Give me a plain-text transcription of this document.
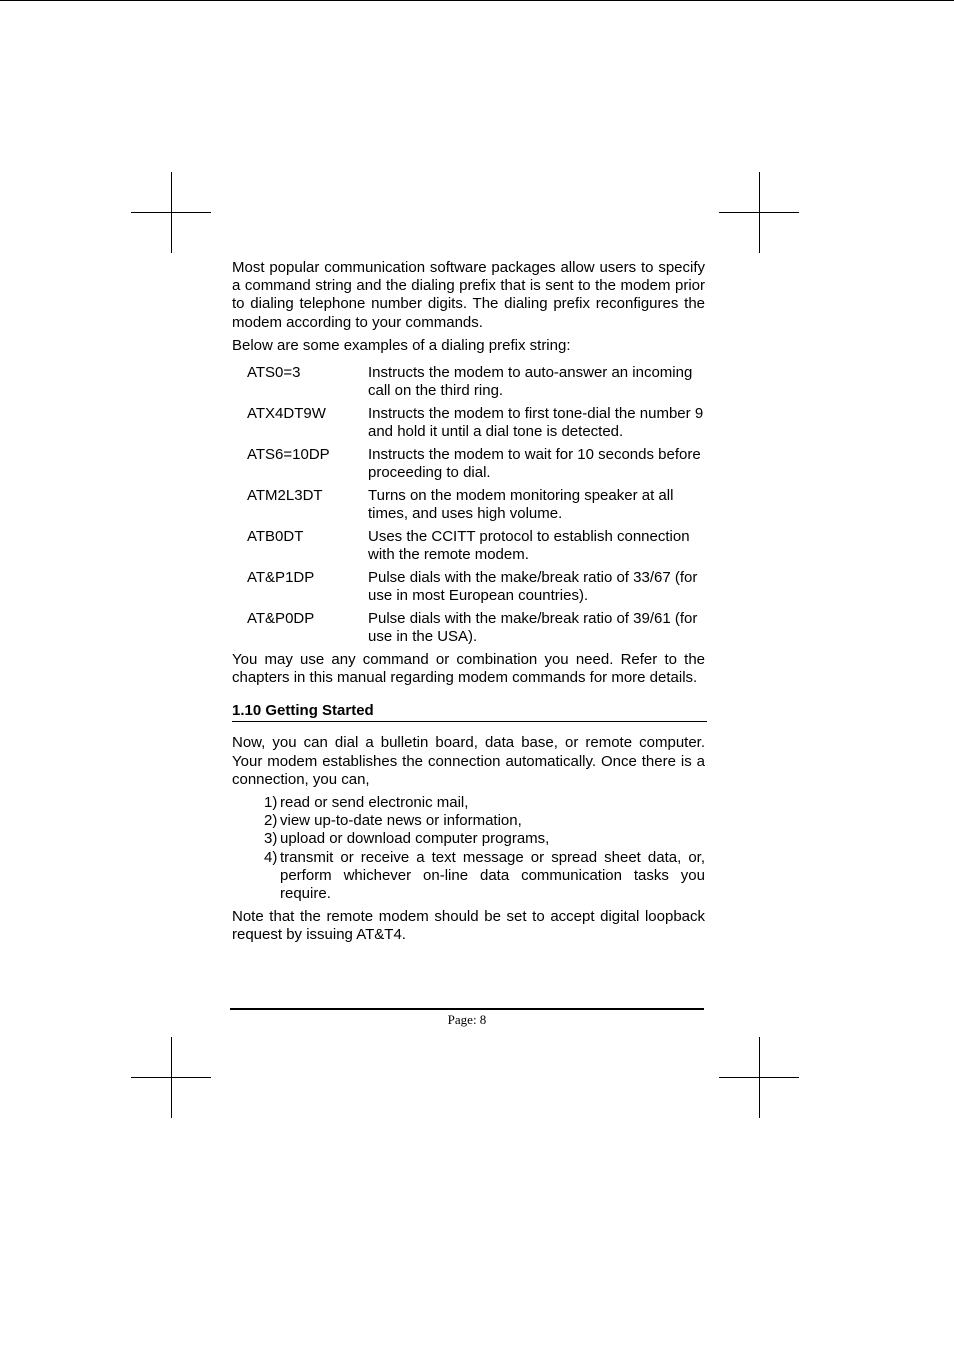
Most popular communication software packages allow users to specify a command string and the dialing prefix that is sent to the modem prior to dialing telephone number digits. The dialing prefix reconfigures the modem according to your commands.

Below are some examples of a dialing prefix string:

ATS0=3	Instructs the modem to auto-answer an incoming call on the third ring.
ATX4DT9W	Instructs the modem to first tone-dial the number 9 and hold it until a dial tone is detected.
ATS6=10DP	Instructs the modem to wait for 10 seconds before proceeding to dial.
ATM2L3DT	Turns on the modem monitoring speaker at all times, and uses high volume.
ATB0DT	Uses the CCITT protocol to establish connection with the remote modem.
AT&P1DP	Pulse dials with the make/break ratio of 33/67 (for use in most European countries).
AT&P0DP	Pulse dials with the make/break ratio of 39/61 (for use in the USA).

You may use any command or combination you need. Refer to the chapters in this manual regarding modem commands for more details.

1.10 Getting Started

Now, you can dial a bulletin board, data base, or remote computer. Your modem establishes the connection automatically. Once there is a connection, you can,

1) read or send electronic mail,
2) view up-to-date news or information,
3) upload or download computer programs,
4) transmit or receive a text message or spread sheet data, or, perform whichever on-line data communication tasks you require.

Note that the remote modem should be set to accept digital loopback request by issuing AT&T4.

Page: 8
